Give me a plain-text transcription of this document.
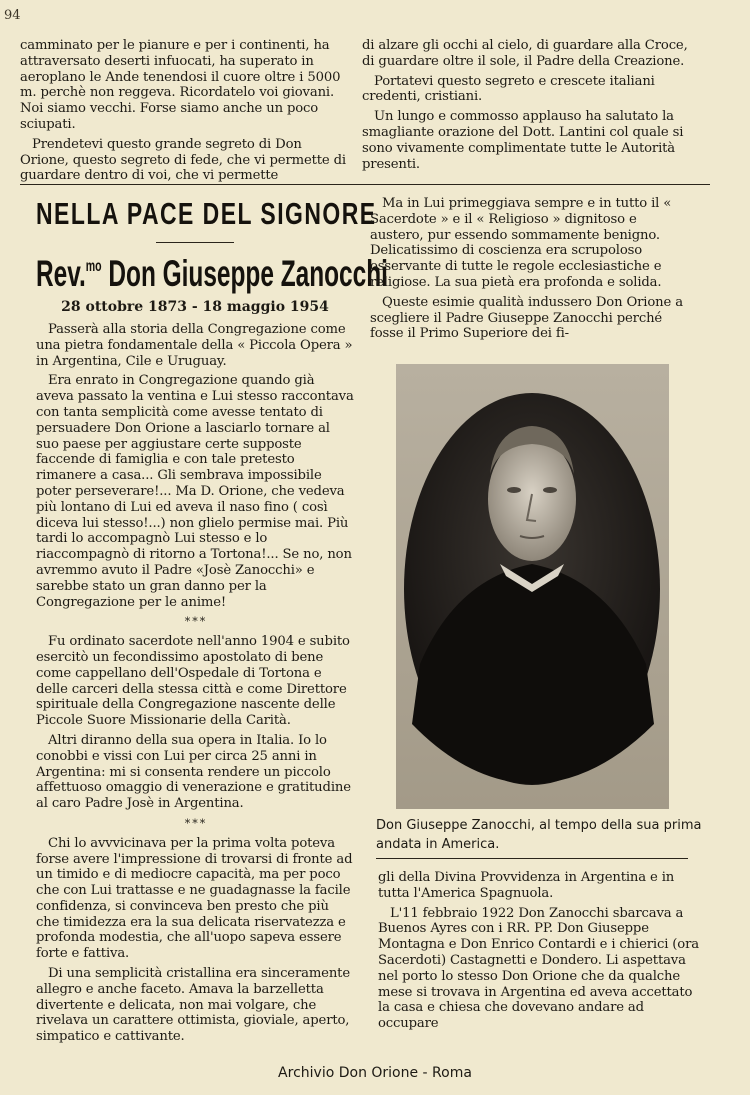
94

camminato per le pianure e per i continenti, ha attraversato deserti infuocati, ha superato in aeroplano le Ande tenendosi il cuore oltre i 5000 m. perchè non reggeva. Ricordatelo voi giovani. Noi siamo vecchi. Forse siamo anche un poco sciupati.

Prendetevi questo grande segreto di Don Orione, questo segreto di fede, che vi permette di guardare dentro di voi, che vi permette

di alzare gli occhi al cielo, di guardare alla Croce, di guardare oltre il sole, il Padre della Creazione.

Portatevi questo segreto e crescete italiani credenti, cristiani.

Un lungo e commosso applauso ha salutato la smagliante orazione del Dott. Lantini col quale si sono vivamente complimentate tutte le Autorità presenti.

NELLA PACE DEL SIGNORE
Rev.$^{mo}$ Don Giuseppe Zanocchi
28 ottobre 1873 - 18 maggio 1954

Passerà alla storia della Congregazione come una pietra fondamentale della « Piccola Opera » in Argentina, Cile e Uruguay.

Era enrato in Congregazione quando già aveva passato la ventina e Lui stesso raccontava con tanta semplicità come avesse tentato di persuadere Don Orione a lasciarlo tornare al suo paese per aggiustare certe supposte faccende di famiglia e con tale pretesto rimanere a casa... Gli sembrava impossibile poter perseverare!... Ma D. Orione, che vedeva più lontano di Lui ed aveva il naso fino ( così diceva lui stesso!...) non glielo permise mai. Più tardi lo accompagnò Lui stesso e lo riaccompagnò di ritorno a Tortona!... Se no, non avremmo avuto il Padre «Josè Zanocchi» e sarebbe stato un gran danno per la Congregazione per le anime!

***

Fu ordinato sacerdote nell'anno 1904 e subito esercitò un fecondissimo apostolato di bene come cappellano dell'Ospedale di Tortona e delle carceri della stessa città e come Direttore spirituale della Congregazione nascente delle Piccole Suore Missionarie della Carità.

Altri diranno della sua opera in Italia. Io lo conobbi e vissi con Lui per circa 25 anni in Argentina: mi si consenta rendere un piccolo affettuoso omaggio di venerazione e gratitudine al caro Padre Josè in Argentina.

***

Chi lo avvvicinava per la prima volta poteva forse avere l'impressione di trovarsi di fronte ad un timido e di mediocre capacità, ma per poco che con Lui trattasse e ne guadagnasse la facile confidenza, si convinceva ben presto che più che timidezza era la sua delicata riservatezza e profonda modestia, che all'uopo sapeva essere forte e fattiva.

Di una semplicità cristallina era sinceramente allegro e anche faceto. Amava la barzelletta divertente e delicata, non mai volgare, che rivelava un carattere ottimista, gioviale, aperto, simpatico e cattivante.

Ma in Lui primeggiava sempre e in tutto il « Sacerdote » e il « Religioso » dignitoso e austero, pur essendo sommamente benigno. Delicatissimo di coscienza era scrupoloso osservante di tutte le regole ecclesiastiche e religiose. La sua pietà era profonda e solida.

Queste esimie qualità indussero Don Orione a scegliere il Padre Giuseppe Zanocchi perché fosse il Primo Superiore dei fi-

Don Giuseppe Zanocchi, al tempo della sua prima andata in America.

gli della Divina Provvidenza in Argentina e in tutta l'America Spagnuola.

L'11 febbraio 1922 Don Zanocchi sbarcava a Buenos Ayres con i RR. PP. Don Giuseppe Montagna e Don Enrico Contardi e i chierici (ora Sacerdoti) Castagnetti e Dondero. Li aspettava nel porto lo stesso Don Orione che da qualche mese si trovava in Argentina ed aveva accettato la casa e chiesa che dovevano andare ad occupare

Archivio Don Orione - Roma
